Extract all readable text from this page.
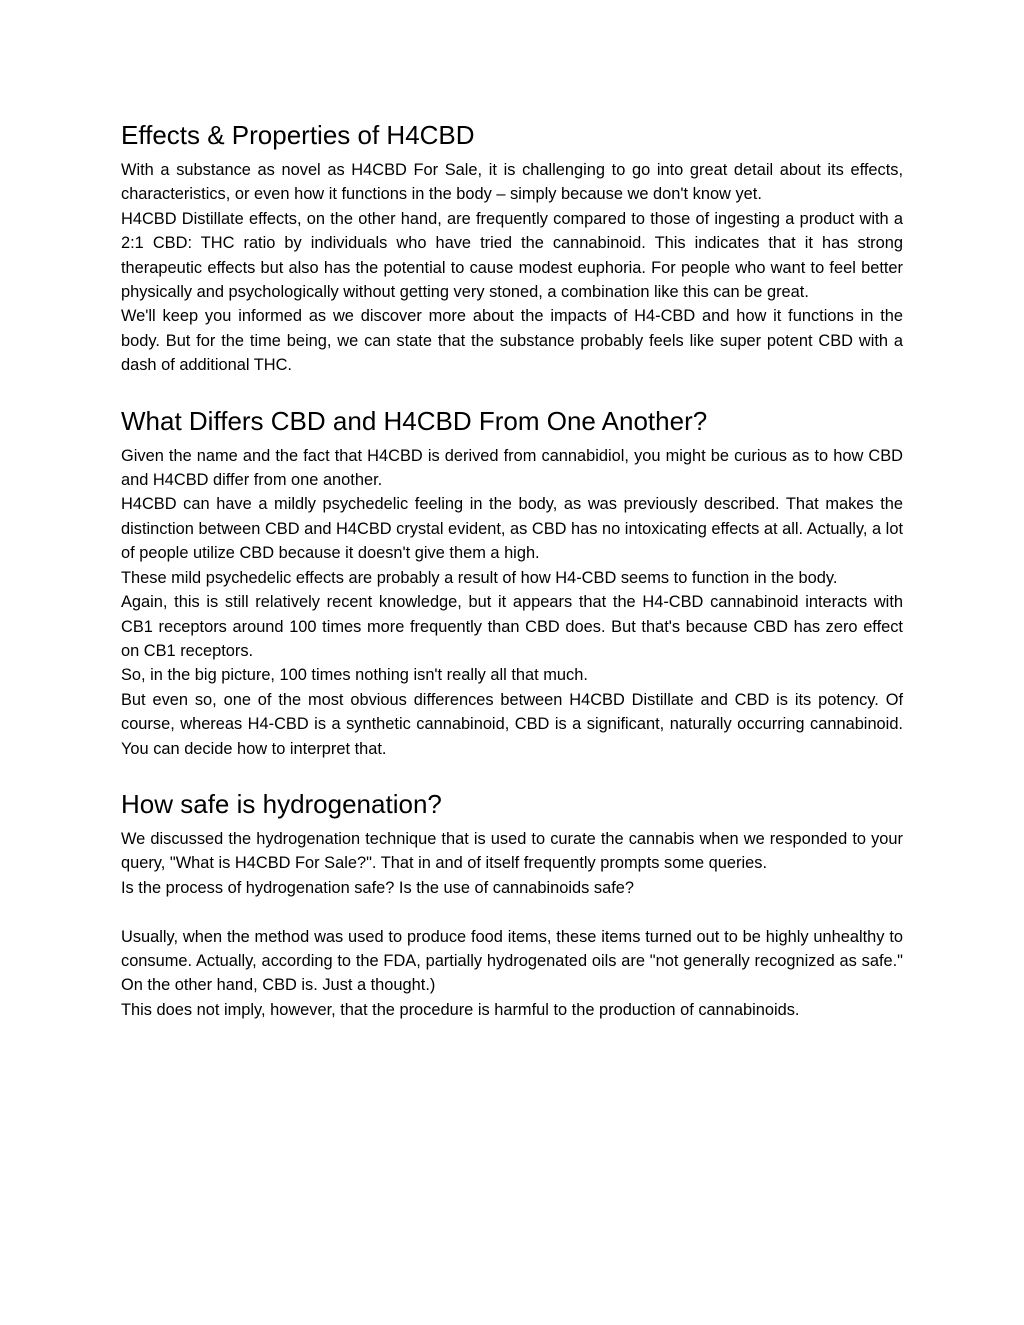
Effects & Properties of H4CBD

With a substance as novel as H4CBD For Sale, it is challenging to go into great detail about its effects, characteristics, or even how it functions in the body – simply because we don't know yet.

H4CBD Distillate effects, on the other hand, are frequently compared to those of ingesting a product with a 2:1 CBD: THC ratio by individuals who have tried the cannabinoid. This indicates that it has strong therapeutic effects but also has the potential to cause modest euphoria. For people who want to feel better physically and psychologically without getting very stoned, a combination like this can be great.

We'll keep you informed as we discover more about the impacts of H4-CBD and how it functions in the body. But for the time being, we can state that the substance probably feels like super potent CBD with a dash of additional THC.

What Differs CBD and H4CBD From One Another?

Given the name and the fact that H4CBD is derived from cannabidiol, you might be curious as to how CBD and H4CBD differ from one another.

H4CBD can have a mildly psychedelic feeling in the body, as was previously described. That makes the distinction between CBD and H4CBD crystal evident, as CBD has no intoxicating effects at all. Actually, a lot of people utilize CBD because it doesn't give them a high.

These mild psychedelic effects are probably a result of how H4-CBD seems to function in the body.

Again, this is still relatively recent knowledge, but it appears that the H4-CBD cannabinoid interacts with CB1 receptors around 100 times more frequently than CBD does. But that's because CBD has zero effect on CB1 receptors.

So, in the big picture, 100 times nothing isn't really all that much.

But even so, one of the most obvious differences between H4CBD Distillate and CBD is its potency. Of course, whereas H4-CBD is a synthetic cannabinoid, CBD is a significant, naturally occurring cannabinoid. You can decide how to interpret that.

How safe is hydrogenation?

We discussed the hydrogenation technique that is used to curate the cannabis when we responded to your query, "What is H4CBD For Sale?". That in and of itself frequently prompts some queries.

Is the process of hydrogenation safe? Is the use of cannabinoids safe?

Usually, when the method was used to produce food items, these items turned out to be highly unhealthy to consume. Actually, according to the FDA, partially hydrogenated oils are "not generally recognized as safe." On the other hand, CBD is. Just a thought.)

This does not imply, however, that the procedure is harmful to the production of cannabinoids.
